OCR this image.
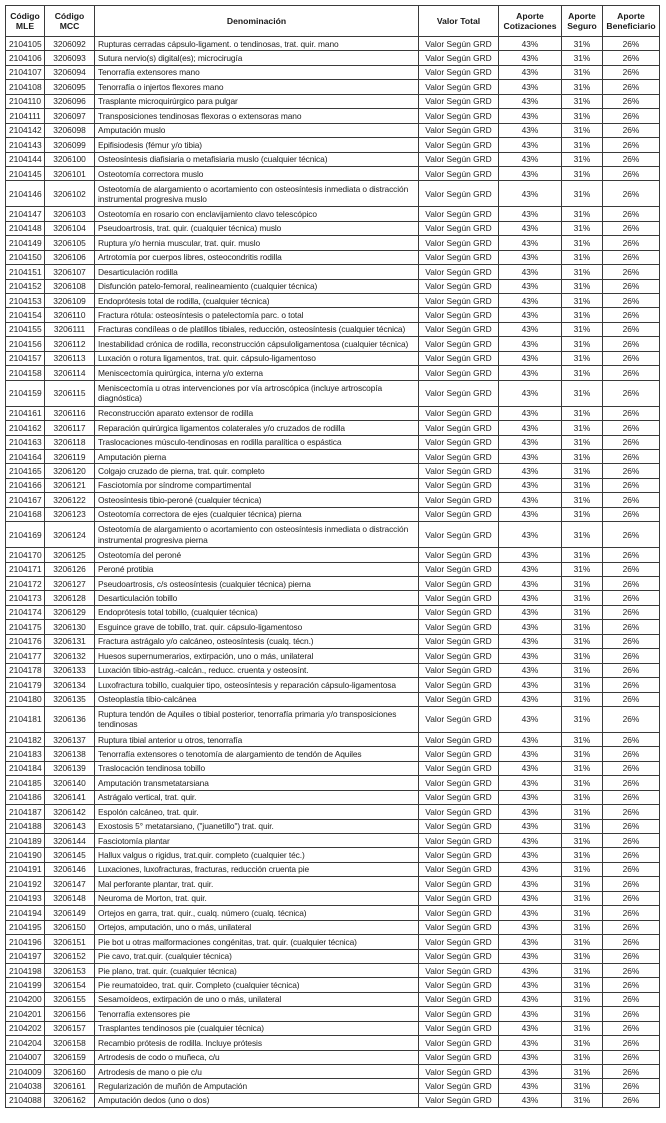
Código MLE	Código MCC	Denominación	Valor Total	Aporte Cotizaciones	Aporte Seguro	Aporte Beneficiario
2104105	3206092	Rupturas cerradas cápsulo-ligament. o tendinosas, trat. quir. mano	Valor Según GRD	43%	31%	26%
2104106	3206093	Sutura nervio(s) digital(es); microcirugía	Valor Según GRD	43%	31%	26%
2104107	3206094	Tenorrafía extensores mano	Valor Según GRD	43%	31%	26%
2104108	3206095	Tenorrafía o injertos flexores mano	Valor Según GRD	43%	31%	26%
2104110	3206096	Trasplante microquirúrgico para pulgar	Valor Según GRD	43%	31%	26%
2104111	3206097	Transposiciones tendinosas flexoras o extensoras mano	Valor Según GRD	43%	31%	26%
2104142	3206098	Amputación muslo	Valor Según GRD	43%	31%	26%
2104143	3206099	Epifisiodesis (fémur y/o tibia)	Valor Según GRD	43%	31%	26%
2104144	3206100	Osteosíntesis diafisiaria o metafisiaria muslo (cualquier técnica)	Valor Según GRD	43%	31%	26%
2104145	3206101	Osteotomía correctora muslo	Valor Según GRD	43%	31%	26%
2104146	3206102	Osteotomía de alargamiento o acortamiento con osteosíntesis inmediata o distracción instrumental progresiva muslo	Valor Según GRD	43%	31%	26%
2104147	3206103	Osteotomía en rosario con enclavijamiento clavo telescópico	Valor Según GRD	43%	31%	26%
2104148	3206104	Pseudoartrosis, trat. quir. (cualquier técnica) muslo	Valor Según GRD	43%	31%	26%
2104149	3206105	Ruptura y/o hernia muscular, trat. quir. muslo	Valor Según GRD	43%	31%	26%
2104150	3206106	Artrotomía por cuerpos libres, osteocondritis rodilla	Valor Según GRD	43%	31%	26%
2104151	3206107	Desarticulación rodilla	Valor Según GRD	43%	31%	26%
2104152	3206108	Disfunción patelo-femoral, realineamiento (cualquier técnica)	Valor Según GRD	43%	31%	26%
2104153	3206109	Endoprótesis total de rodilla, (cualquier técnica)	Valor Según GRD	43%	31%	26%
2104154	3206110	Fractura rótula: osteosíntesis o patelectomía parc. o total	Valor Según GRD	43%	31%	26%
2104155	3206111	Fracturas condíleas o de platillos tibiales, reducción, osteosíntesis (cualquier técnica)	Valor Según GRD	43%	31%	26%
2104156	3206112	Inestabilidad crónica de rodilla, reconstrucción cápsuloligamentosa (cualquier técnica)	Valor Según GRD	43%	31%	26%
2104157	3206113	Luxación o rotura ligamentos, trat. quir. cápsulo-ligamentoso	Valor Según GRD	43%	31%	26%
2104158	3206114	Meniscectomía quirúrgica, interna y/o externa	Valor Según GRD	43%	31%	26%
2104159	3206115	Meniscectomía u otras intervenciones por vía artroscópica (incluye artroscopía diagnóstica)	Valor Según GRD	43%	31%	26%
2104161	3206116	Reconstrucción aparato extensor de rodilla	Valor Según GRD	43%	31%	26%
2104162	3206117	Reparación quirúrgica ligamentos colaterales y/o cruzados de rodilla	Valor Según GRD	43%	31%	26%
2104163	3206118	Traslocaciones músculo-tendinosas en rodilla paralítica o espástica	Valor Según GRD	43%	31%	26%
2104164	3206119	Amputación pierna	Valor Según GRD	43%	31%	26%
2104165	3206120	Colgajo cruzado de pierna, trat. quir. completo	Valor Según GRD	43%	31%	26%
2104166	3206121	Fasciotomía por síndrome compartimental	Valor Según GRD	43%	31%	26%
2104167	3206122	Osteosíntesis tibio-peroné (cualquier técnica)	Valor Según GRD	43%	31%	26%
2104168	3206123	Osteotomía correctora de ejes (cualquier técnica) pierna	Valor Según GRD	43%	31%	26%
2104169	3206124	Osteotomía de alargamiento o acortamiento con osteosíntesis inmediata o distracción instrumental progresiva pierna	Valor Según GRD	43%	31%	26%
2104170	3206125	Osteotomía del peroné	Valor Según GRD	43%	31%	26%
2104171	3206126	Peroné protibia	Valor Según GRD	43%	31%	26%
2104172	3206127	Pseudoartrosis, c/s osteosíntesis (cualquier técnica) pierna	Valor Según GRD	43%	31%	26%
2104173	3206128	Desarticulación tobillo	Valor Según GRD	43%	31%	26%
2104174	3206129	Endoprótesis total tobillo, (cualquier técnica)	Valor Según GRD	43%	31%	26%
2104175	3206130	Esguince grave de tobillo, trat. quir. cápsulo-ligamentoso	Valor Según GRD	43%	31%	26%
2104176	3206131	Fractura astrágalo y/o calcáneo, osteosíntesis (cualq. técn.)	Valor Según GRD	43%	31%	26%
2104177	3206132	Huesos supernumerarios, extirpación, uno o más, unilateral	Valor Según GRD	43%	31%	26%
2104178	3206133	Luxación tibio-astrág.-calcán., reducc. cruenta y osteosínt.	Valor Según GRD	43%	31%	26%
2104179	3206134	Luxofractura tobillo, cualquier tipo, osteosíntesis y reparación cápsulo-ligamentosa	Valor Según GRD	43%	31%	26%
2104180	3206135	Osteoplastía tibio-calcánea	Valor Según GRD	43%	31%	26%
2104181	3206136	Ruptura tendón de Aquiles o tibial posterior, tenorrafía primaria y/o transposiciones tendinosas	Valor Según GRD	43%	31%	26%
2104182	3206137	Ruptura tibial anterior u otros, tenorrafía	Valor Según GRD	43%	31%	26%
2104183	3206138	Tenorrafía extensores o tenotomía de alargamiento de tendón de Aquiles	Valor Según GRD	43%	31%	26%
2104184	3206139	Traslocación tendinosa tobillo	Valor Según GRD	43%	31%	26%
2104185	3206140	Amputación transmetatarsiana	Valor Según GRD	43%	31%	26%
2104186	3206141	Astrágalo vertical, trat. quir.	Valor Según GRD	43%	31%	26%
2104187	3206142	Espolón calcáneo, trat. quir.	Valor Según GRD	43%	31%	26%
2104188	3206143	Exostosis 5° metatarsiano, ("juanetillo") trat. quir.	Valor Según GRD	43%	31%	26%
2104189	3206144	Fasciotomía plantar	Valor Según GRD	43%	31%	26%
2104190	3206145	Hallux valgus o rigidus, trat.quir. completo (cualquier téc.)	Valor Según GRD	43%	31%	26%
2104191	3206146	Luxaciones, luxofracturas, fracturas, reducción cruenta pie	Valor Según GRD	43%	31%	26%
2104192	3206147	Mal perforante plantar, trat. quir.	Valor Según GRD	43%	31%	26%
2104193	3206148	Neuroma de Morton, trat. quir.	Valor Según GRD	43%	31%	26%
2104194	3206149	Ortejos en garra, trat. quir., cualq. número (cualq. técnica)	Valor Según GRD	43%	31%	26%
2104195	3206150	Ortejos, amputación, uno o más, unilateral	Valor Según GRD	43%	31%	26%
2104196	3206151	Pie bot u otras malformaciones congénitas, trat. quir. (cualquier técnica)	Valor Según GRD	43%	31%	26%
2104197	3206152	Pie cavo, trat.quir. (cualquier técnica)	Valor Según GRD	43%	31%	26%
2104198	3206153	Pie plano, trat. quir. (cualquier técnica)	Valor Según GRD	43%	31%	26%
2104199	3206154	Pie reumatoideo, trat. quir. Completo (cualquier técnica)	Valor Según GRD	43%	31%	26%
2104200	3206155	Sesamoídeos, extirpación de uno o más, unilateral	Valor Según GRD	43%	31%	26%
2104201	3206156	Tenorrafía extensores pie	Valor Según GRD	43%	31%	26%
2104202	3206157	Trasplantes tendinosos pie (cualquier técnica)	Valor Según GRD	43%	31%	26%
2104204	3206158	Recambio prótesis de rodilla. Incluye prótesis	Valor Según GRD	43%	31%	26%
2104007	3206159	Artrodesis de codo o muñeca, c/u	Valor Según GRD	43%	31%	26%
2104009	3206160	Artrodesis de mano o pie c/u	Valor Según GRD	43%	31%	26%
2104038	3206161	Regularización de muñón de Amputación	Valor Según GRD	43%	31%	26%
2104088	3206162	Amputación dedos (uno o dos)	Valor Según GRD	43%	31%	26%
